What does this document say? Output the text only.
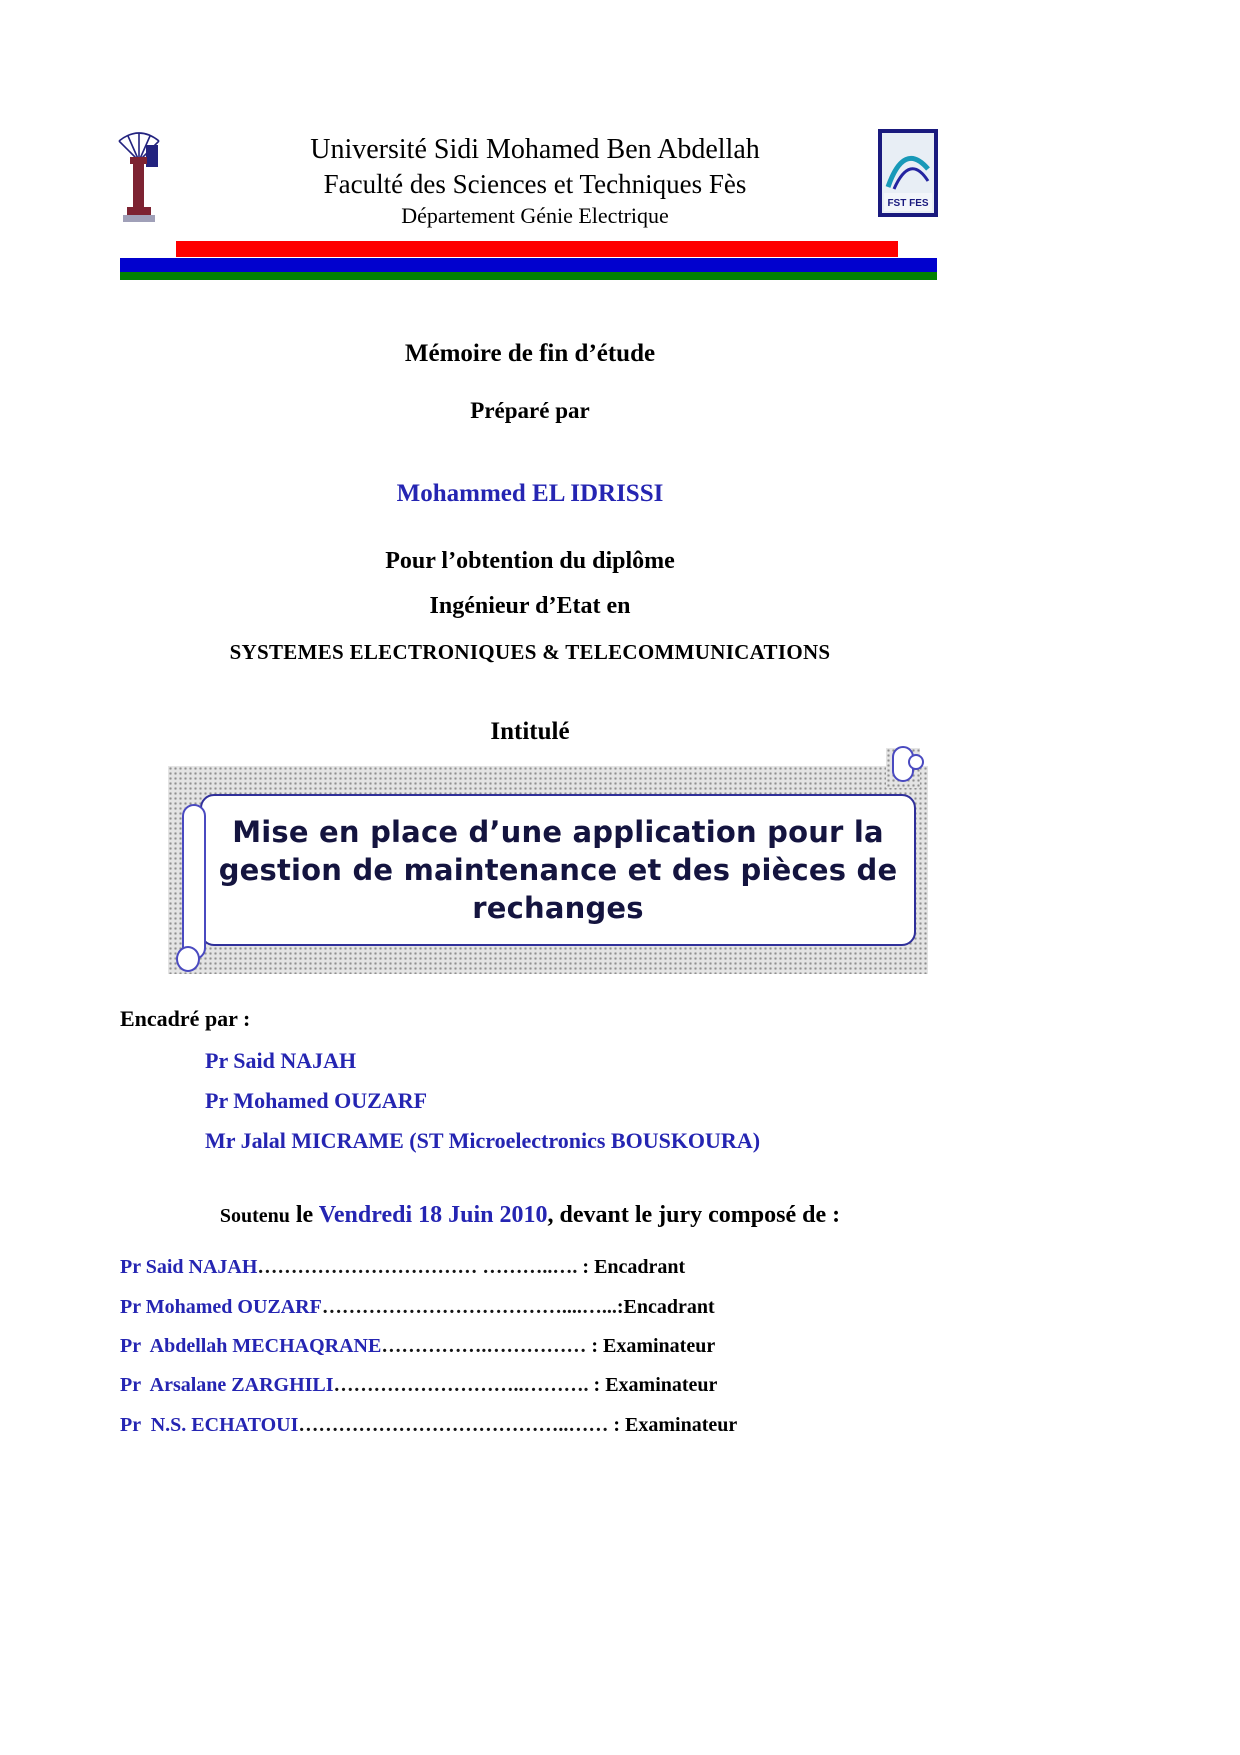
Université Sidi Mohamed Ben Abdellah
Faculté des Sciences et Techniques Fès
Département Génie Electrique	FST FES
Mémoire de fin d’étude
Préparé par
Mohammed EL IDRISSI
Pour l’obtention du diplôme
Ingénieur d’Etat en
SYSTEMES ELECTRONIQUES & TELECOMMUNICATIONS
Intitulé
Mise en place d’une application pour la
gestion de maintenance et des pièces de
rechanges
Encadré par :
Pr Said NAJAH
Pr Mohamed OUZARF
Mr Jalal MICRAME (ST Microelectronics BOUSKOURA)
Soutenu le Vendredi 18 Juin 2010, devant le jury composé de :
Pr Said NAJAH…………………………… ………..…. : Encadrant
Pr Mohamed OUZARF………………………………....…...:Encadrant
Pr  Abdellah MECHAQRANE…………….…………… : Examinateur
Pr  Arsalane ZARGHILI………………………..………. : Examinateur
Pr  N.S. ECHATOUI…………………………………..…… : Examinateur
